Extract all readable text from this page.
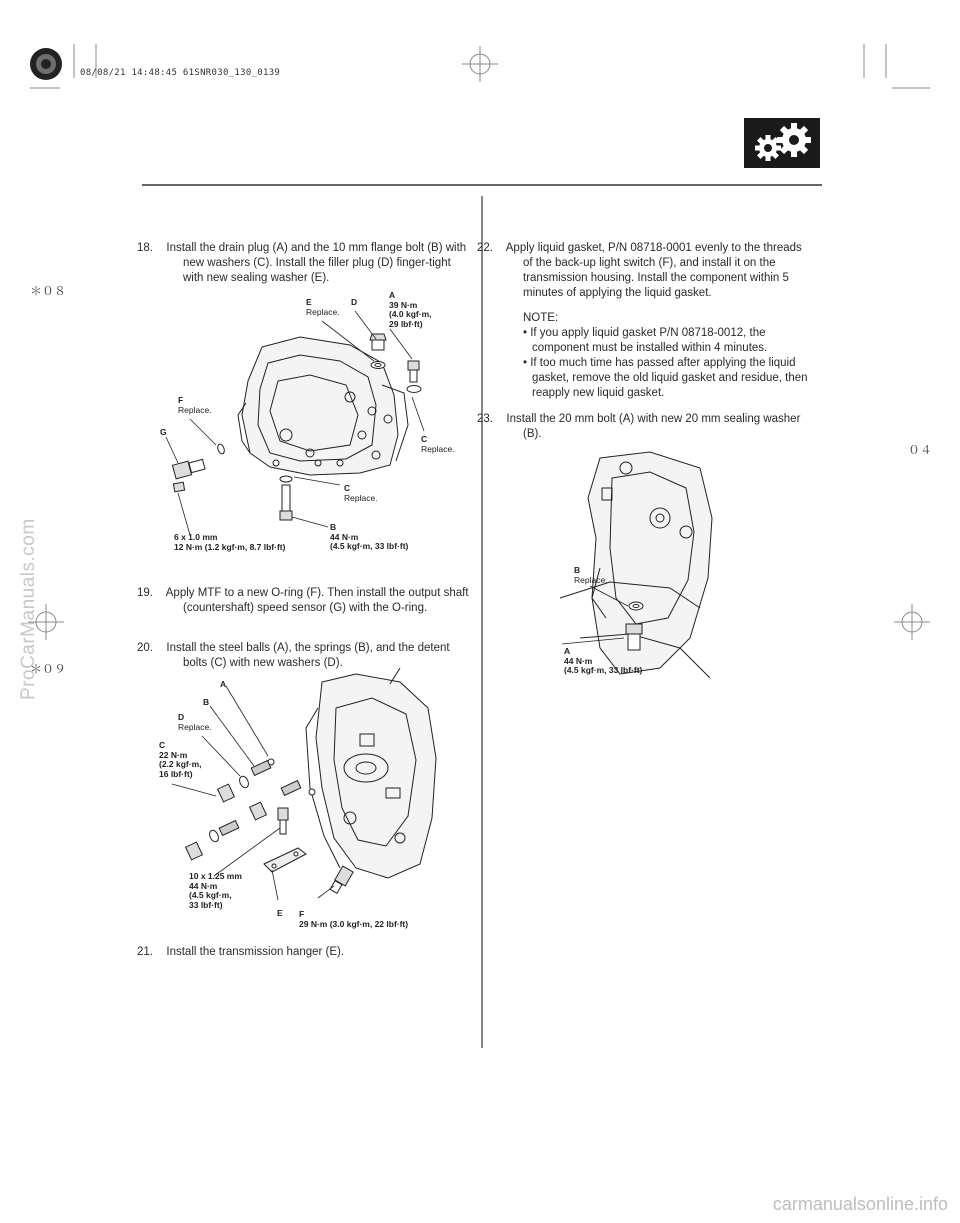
08/08/21 14:48:45 61SNR030_130_0139
＊０８
＊０９
０４
18. Install the drain plug (A) and the 10 mm flange bolt (B) with new washers (C). Install the filler plug (D) finger-tight with new sealing washer (E).
19. Apply MTF to a new O-ring (F). Then install the output shaft (countershaft) speed sensor (G) with the O-ring.
20. Install the steel balls (A), the springs (B), and the detent bolts (C) with new washers (D).
21. Install the transmission hanger (E).
22. Apply liquid gasket, P/N 08718-0001 evenly to the threads of the back-up light switch (F), and install it on the transmission housing. Install the component within 5 minutes of applying the liquid gasket.
NOTE:
• If you apply liquid gasket P/N 08718-0012, the component must be installed within 4 minutes.
• If too much time has passed after applying the liquid gasket, remove the old liquid gasket and residue, then reapply new liquid gasket.
23. Install the 20 mm bolt (A) with new 20 mm sealing washer (B).
E
Replace.
D
A
39 N·m
(4.0 kgf·m,
29 lbf·ft)
F
Replace.
G
C
Replace.
C
Replace.
6 x 1.0 mm
12 N·m (1.2 kgf·m, 8.7 lbf·ft)
B
44 N·m
(4.5 kgf·m, 33 lbf·ft)
A
B
D
Replace.
C
22 N·m
(2.2 kgf·m,
16 lbf·ft)
10 x 1.25 mm
44 N·m
(4.5 kgf·m,
33 lbf·ft)
E F
29 N·m (3.0 kgf·m, 22 lbf·ft)
B
Replace.
A
44 N·m
(4.5 kgf·m, 33 lbf·ft)
ProCarManuals.com
carmanualsonline.info
